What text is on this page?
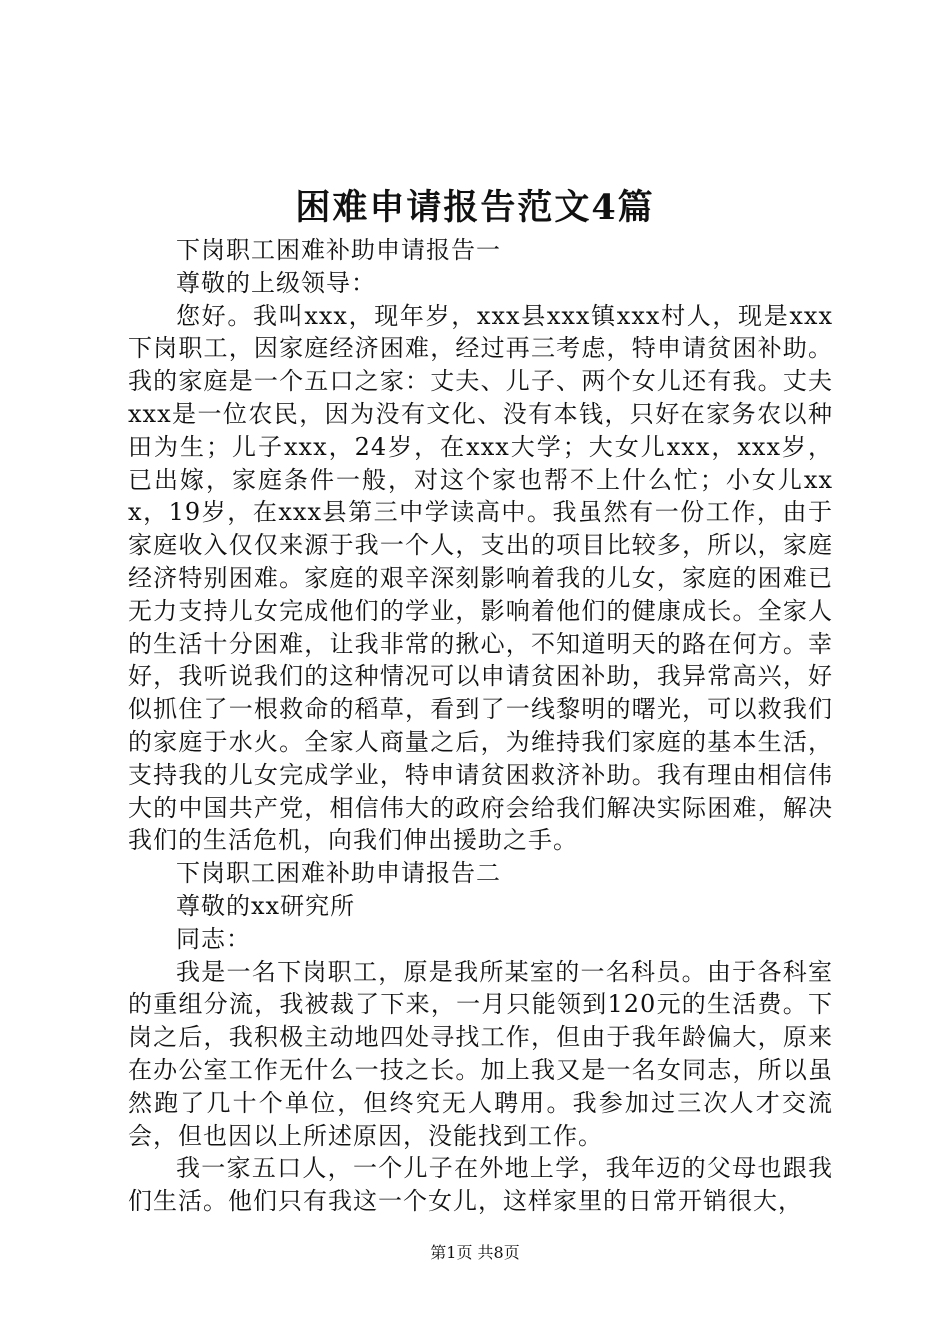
困难申请报告范文4篇

下岗职工困难补助申请报告一

尊敬的上级领导：

您好。我叫xxx，现年岁，xxx县xxx镇xxx村人，现是xxx下岗职工，因家庭经济困难，经过再三考虑，特申请贫困补助。我的家庭是一个五口之家：丈夫、儿子、两个女儿还有我。丈夫xxx是一位农民，因为没有文化、没有本钱，只好在家务农以种田为生；儿子xxx，24岁，在xxx大学；大女儿xxx，xxx岁，已出嫁，家庭条件一般，对这个家也帮不上什么忙；小女儿xxx，19岁，在xxx县第三中学读高中。我虽然有一份工作，由于家庭收入仅仅来源于我一个人，支出的项目比较多，所以，家庭经济特别困难。家庭的艰辛深刻影响着我的儿女，家庭的困难已无力支持儿女完成他们的学业，影响着他们的健康成长。全家人的生活十分困难，让我非常的揪心，不知道明天的路在何方。幸好，我听说我们的这种情况可以申请贫困补助，我异常高兴，好似抓住了一根救命的稻草，看到了一线黎明的曙光，可以救我们的家庭于水火。全家人商量之后，为维持我们家庭的基本生活，支持我的儿女完成学业，特申请贫困救济补助。我有理由相信伟大的中国共产党，相信伟大的政府会给我们解决实际困难，解决我们的生活危机，向我们伸出援助之手。

下岗职工困难补助申请报告二

尊敬的xx研究所

同志：

我是一名下岗职工，原是我所某室的一名科员。由于各科室的重组分流，我被裁了下来，一月只能领到120元的生活费。下岗之后，我积极主动地四处寻找工作，但由于我年龄偏大，原来在办公室工作无什么一技之长。加上我又是一名女同志，所以虽然跑了几十个单位，但终究无人聘用。我参加过三次人才交流会，但也因以上所述原因，没能找到工作。

我一家五口人，一个儿子在外地上学，我年迈的父母也跟我们生活。他们只有我这一个女儿，这样家里的日常开销很大，

第1页 共8页
